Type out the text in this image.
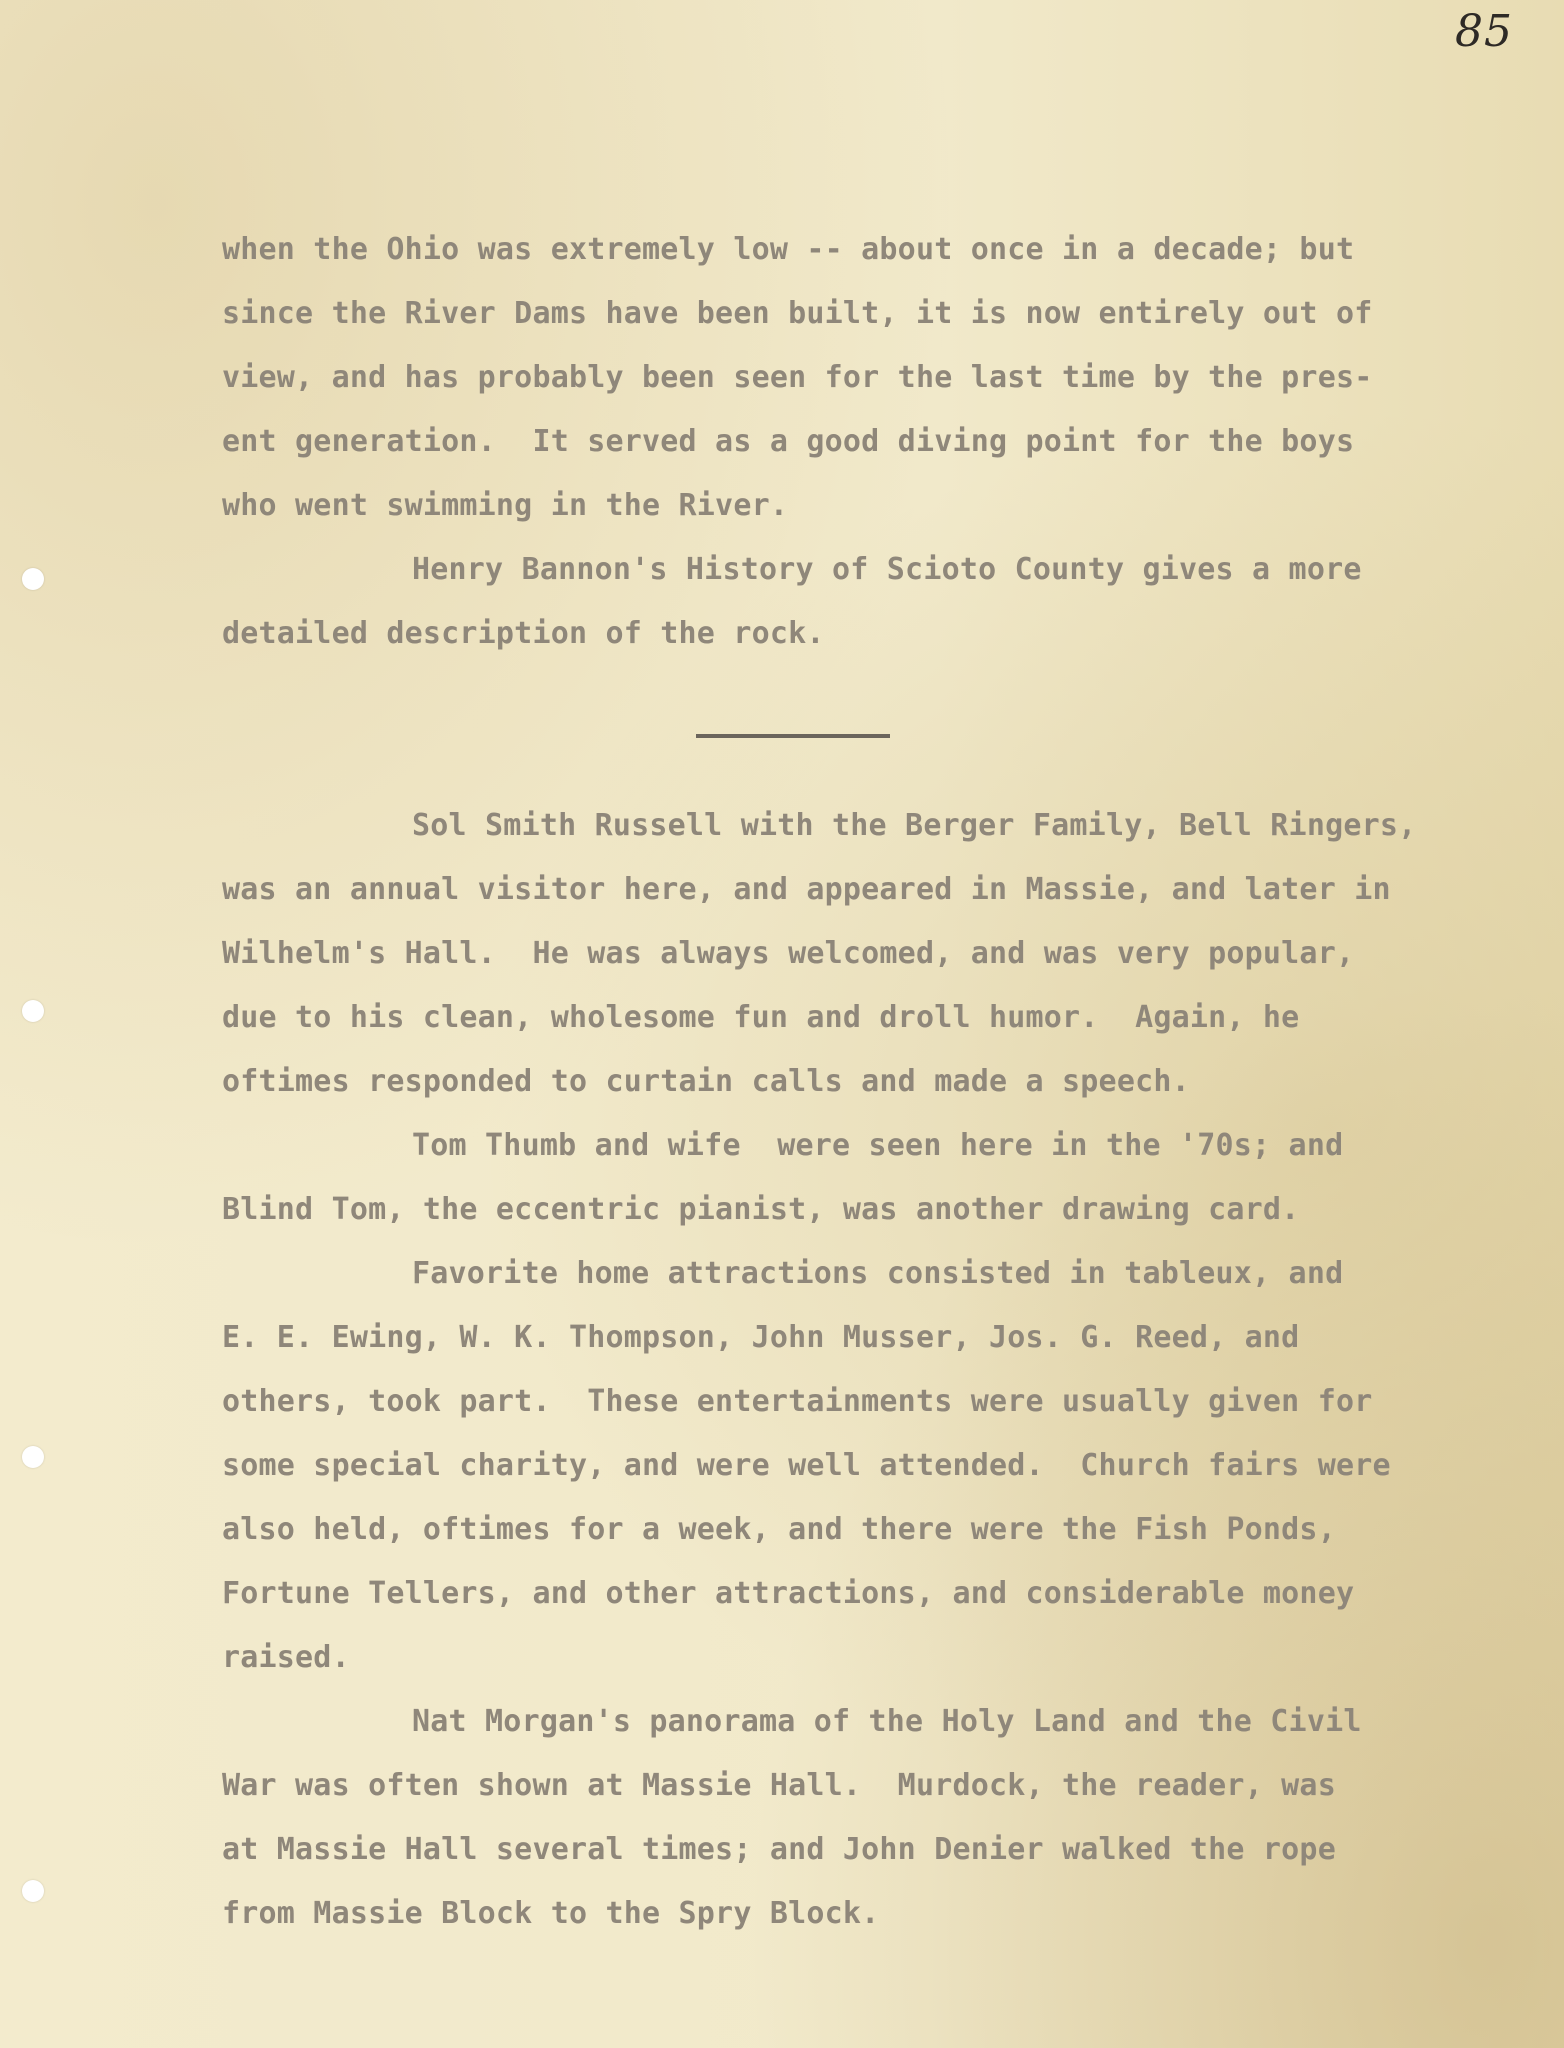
85
when the Ohio was extremely low -- about once in a decade; but
since the River Dams have been built, it is now entirely out of
view, and has probably been seen for the last time by the pres-
ent generation.  It served as a good diving point for the boys
who went swimming in the River.
Henry Bannon's History of Scioto County gives a more
detailed description of the rock.
Sol Smith Russell with the Berger Family, Bell Ringers,
was an annual visitor here, and appeared in Massie, and later in
Wilhelm's Hall.  He was always welcomed, and was very popular,
due to his clean, wholesome fun and droll humor.  Again, he
oftimes responded to curtain calls and made a speech.
Tom Thumb and wife  were seen here in the '70s; and
Blind Tom, the eccentric pianist, was another drawing card.
Favorite home attractions consisted in tableux, and
E. E. Ewing, W. K. Thompson, John Musser, Jos. G. Reed, and
others, took part.  These entertainments were usually given for
some special charity, and were well attended.  Church fairs were
also held, oftimes for a week, and there were the Fish Ponds,
Fortune Tellers, and other attractions, and considerable money
raised.
Nat Morgan's panorama of the Holy Land and the Civil
War was often shown at Massie Hall.  Murdock, the reader, was
at Massie Hall several times; and John Denier walked the rope
from Massie Block to the Spry Block.
